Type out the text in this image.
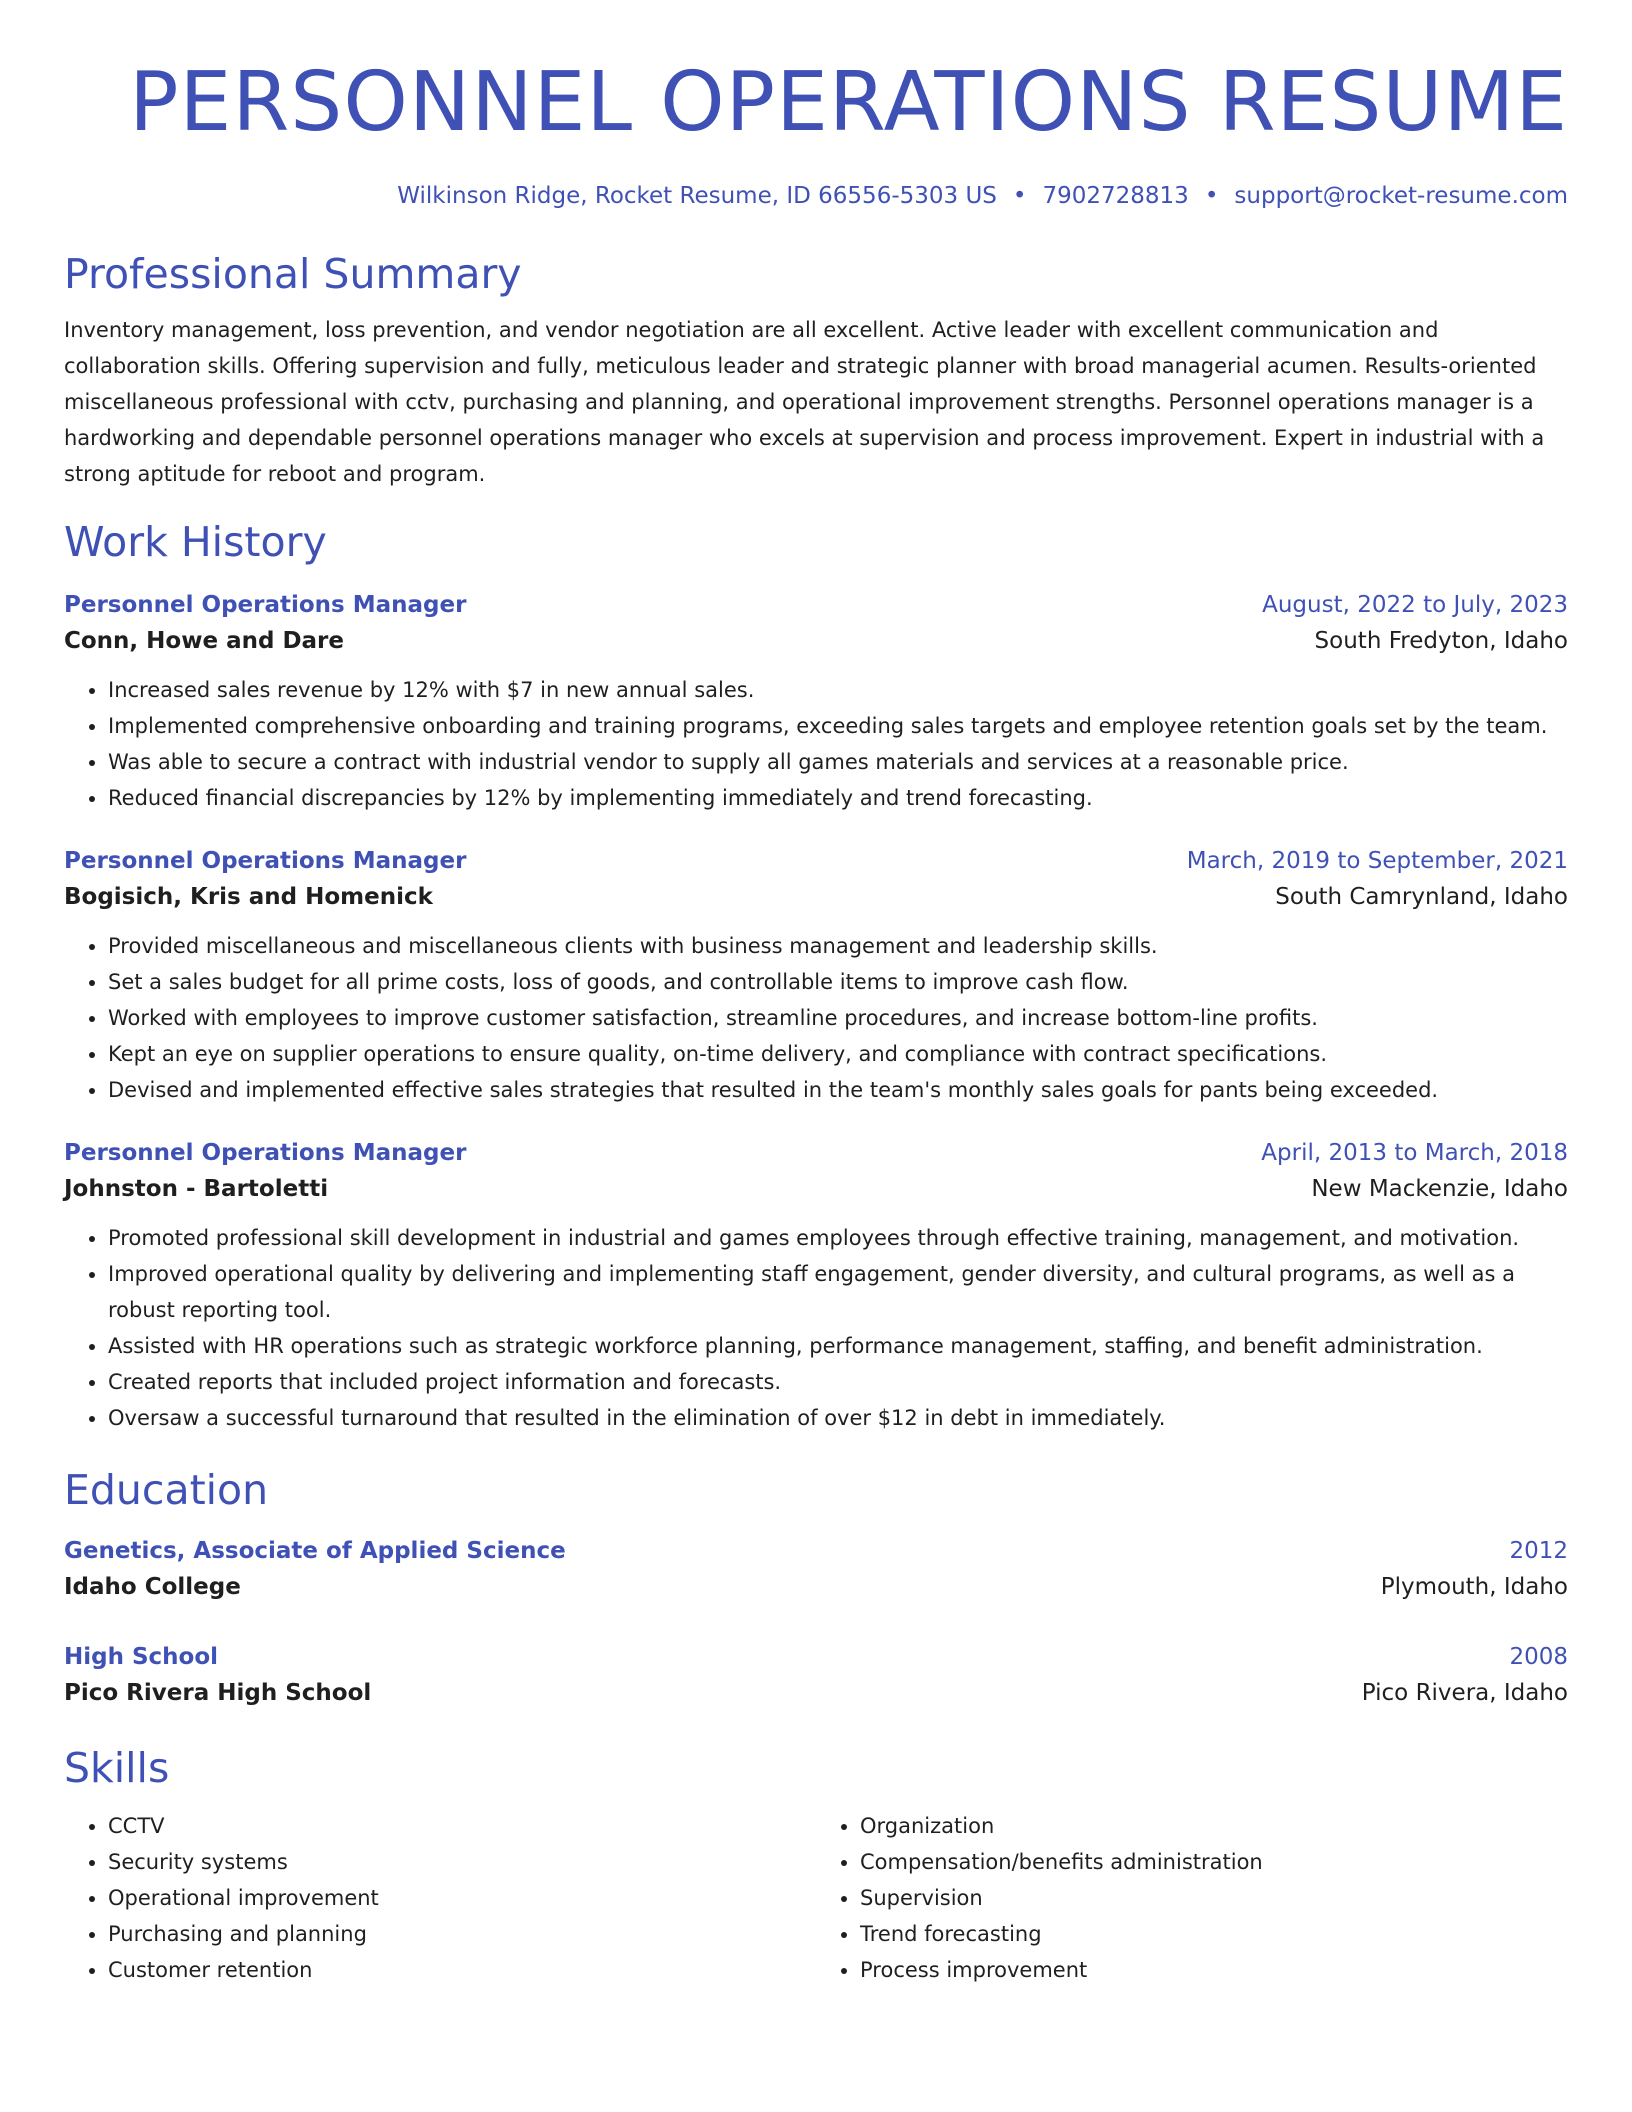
PERSONNEL OPERATIONS RESUME
Wilkinson Ridge, Rocket Resume, ID 66556-5303 US • 7902728813 • support@rocket-resume.com
Professional Summary

Inventory management, loss prevention, and vendor negotiation are all excellent. Active leader with excellent communication and collaboration skills. Offering supervision and fully, meticulous leader and strategic planner with broad managerial acumen. Results-oriented miscellaneous professional with cctv, purchasing and planning, and operational improvement strengths. Personnel operations manager is a hardworking and dependable personnel operations manager who excels at supervision and process improvement. Expert in industrial with a strong aptitude for reboot and program.

Work History
Personnel Operations Manager	August, 2022 to July, 2023
Conn, Howe and Dare	South Fredyton, Idaho
• Increased sales revenue by 12% with $7 in new annual sales.
• Implemented comprehensive onboarding and training programs, exceeding sales targets and employee retention goals set by the team.
• Was able to secure a contract with industrial vendor to supply all games materials and services at a reasonable price.
• Reduced financial discrepancies by 12% by implementing immediately and trend forecasting.
Personnel Operations Manager	March, 2019 to September, 2021
Bogisich, Kris and Homenick	South Camrynland, Idaho
• Provided miscellaneous and miscellaneous clients with business management and leadership skills.
• Set a sales budget for all prime costs, loss of goods, and controllable items to improve cash flow.
• Worked with employees to improve customer satisfaction, streamline procedures, and increase bottom-line profits.
• Kept an eye on supplier operations to ensure quality, on-time delivery, and compliance with contract specifications.
• Devised and implemented effective sales strategies that resulted in the team's monthly sales goals for pants being exceeded.
Personnel Operations Manager	April, 2013 to March, 2018
Johnston - Bartoletti	New Mackenzie, Idaho
• Promoted professional skill development in industrial and games employees through effective training, management, and motivation.
• Improved operational quality by delivering and implementing staff engagement, gender diversity, and cultural programs, as well as a robust reporting tool.
• Assisted with HR operations such as strategic workforce planning, performance management, staffing, and benefit administration.
• Created reports that included project information and forecasts.
• Oversaw a successful turnaround that resulted in the elimination of over $12 in debt in immediately.
Education
Genetics, Associate of Applied Science	2012
Idaho College	Plymouth, Idaho
High School	2008
Pico Rivera High School	Pico Rivera, Idaho
Skills
• CCTV
• Security systems
• Operational improvement
• Purchasing and planning
• Customer retention
• Organization
• Compensation/benefits administration
• Supervision
• Trend forecasting
• Process improvement
